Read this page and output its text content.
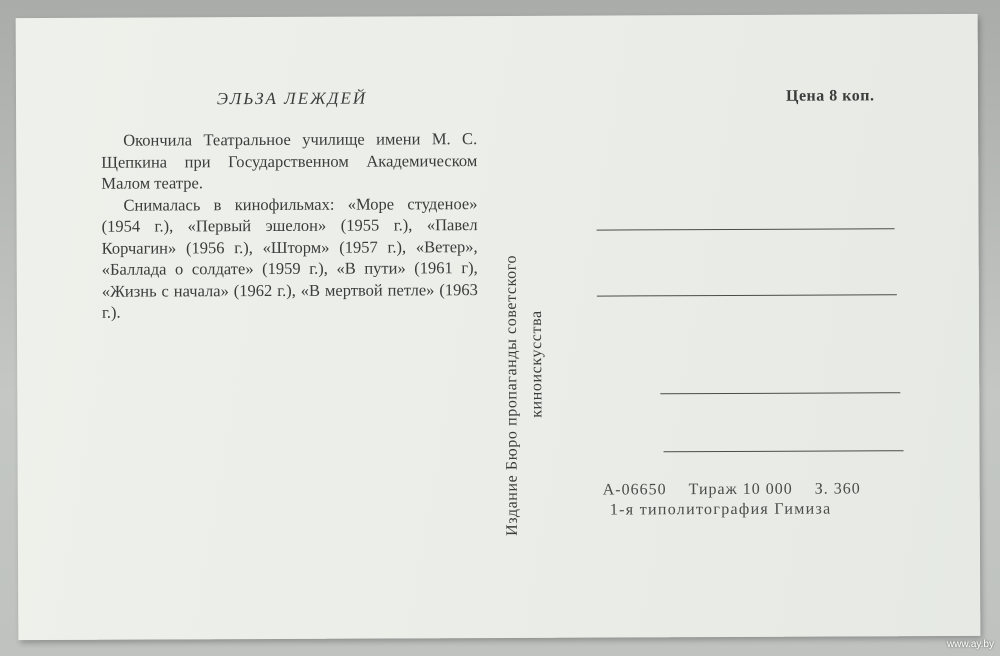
ЭЛЬЗА ЛЕЖДЕЙ

Окончила Театральное училище имени М. С. Щепкина при Государственном Академическом Малом театре.

Снималась в кинофильмах: «Море студеное» (1954 г.), «Первый эшелон» (1955 г.), «Павел Корчагин» (1956 г.), «Шторм» (1957 г.), «Ветер», «Баллада о солдате» (1959 г.), «В пути» (1961 г), «Жизнь с начала» (1962 г.), «В мертвой петле» (1963 г.).	Издание Бюро пропаганды советского киноискусства
Цена 8 коп.
А-06650 Тираж 10 000 З. 360
1-я типолитография Гимиза
www.ay.by
